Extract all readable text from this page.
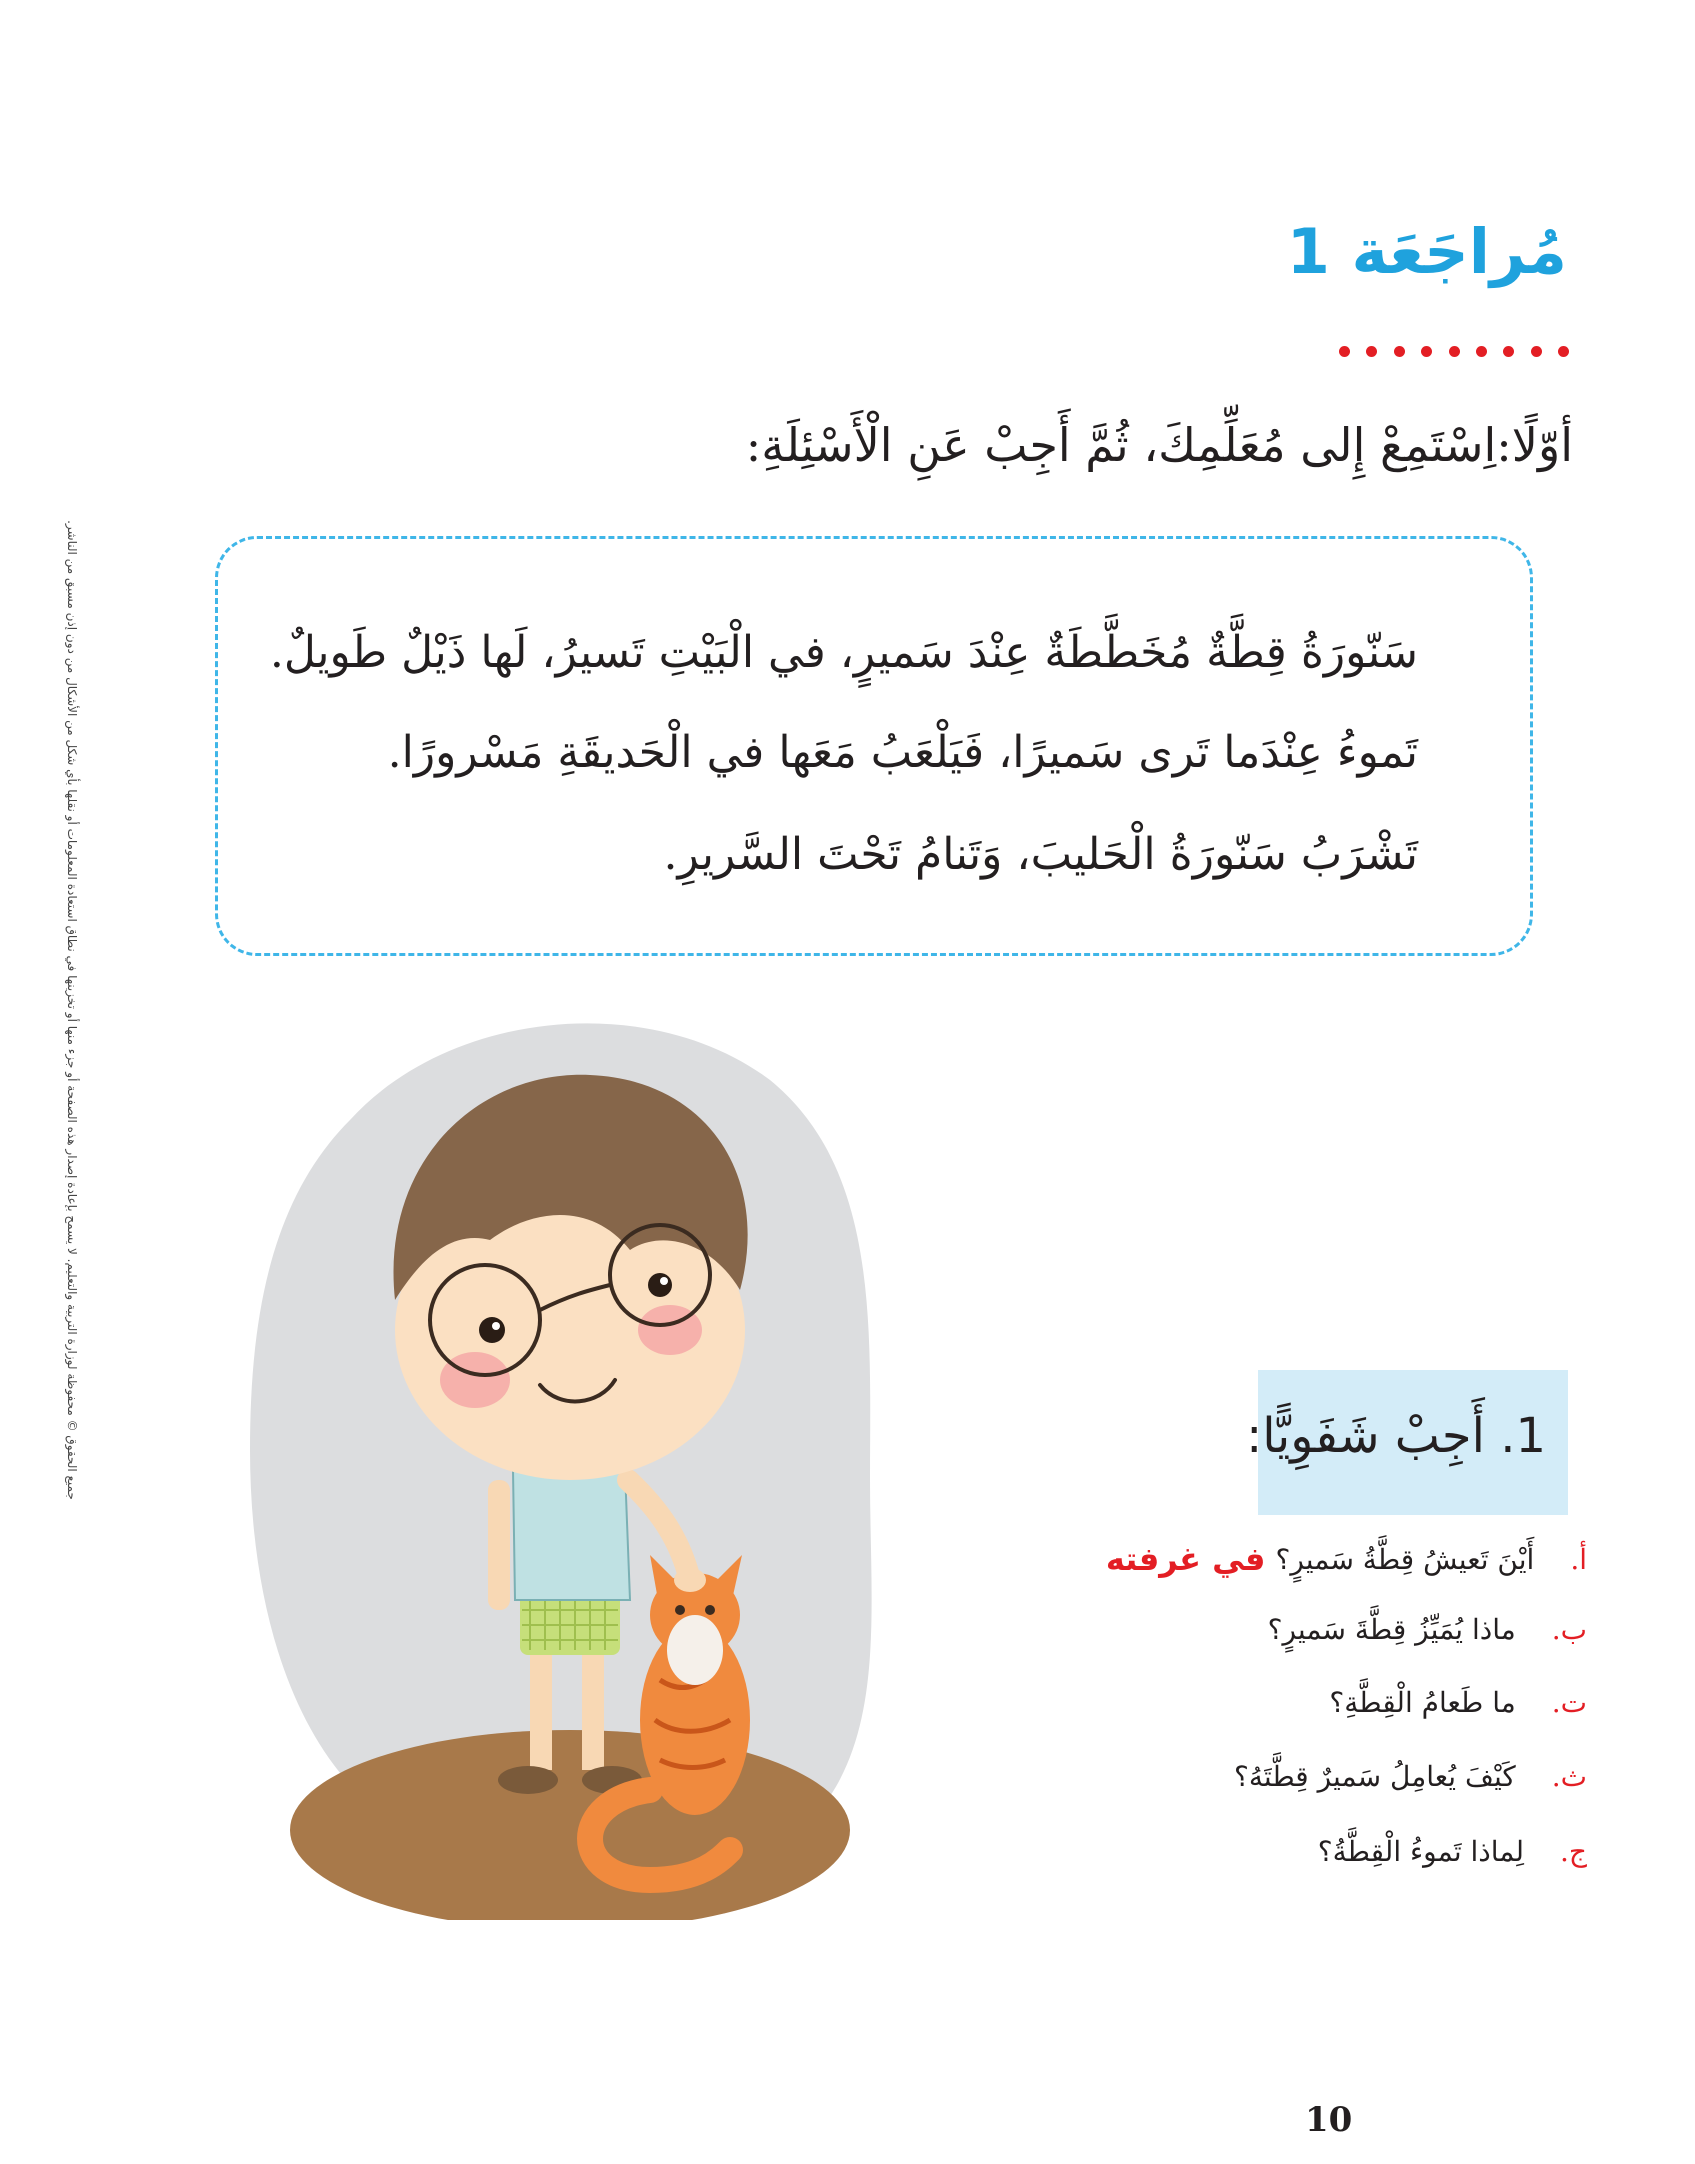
مُراجَعَة 1
أوّلًا:اِسْتَمِعْ إِلى مُعَلِّمِكَ، ثُمَّ أَجِبْ عَنِ الْأَسْئِلَةِ:
سَنّورَةُ قِطَّةٌ مُخَطَّطَةٌ عِنْدَ سَميرٍ، في الْبَيْتِ تَسيرُ، لَها ذَيْلٌ طَويلٌ.
تَموءُ عِنْدَما تَرى سَميرًا، فَيَلْعَبُ مَعَها في الْحَديقَةِ مَسْرورًا.
تَشْرَبُ سَنّورَةُ الْحَليبَ، وَتَنامُ تَحْتَ السَّريرِ.
1. أَجِبْ شَفَوِيًّا:
أ.
أَيْنَ تَعيشُ قِطَّةُ سَميرٍ؟
في غرفته
ب.
ماذا يُمَيِّزُ قِطَّةَ سَميرٍ؟
ت.
ما طَعامُ الْقِطَّةِ؟
ث.
كَيْفَ يُعامِلُ سَميرٌ قِطَّتَهُ؟
ج.
لِماذا تَموءُ الْقِطَّةُ؟
10
جميع الحقوق © محفوظة لوزارة التربية والتعليم. لا يسمح بإعادة إصدار هذه الصفحة أو جزء منها أو تخزينها في نطاق استعادة المعلومات أو نقلها بأي شكل من الأشكال من دون إذن مسبق من الناشر.
